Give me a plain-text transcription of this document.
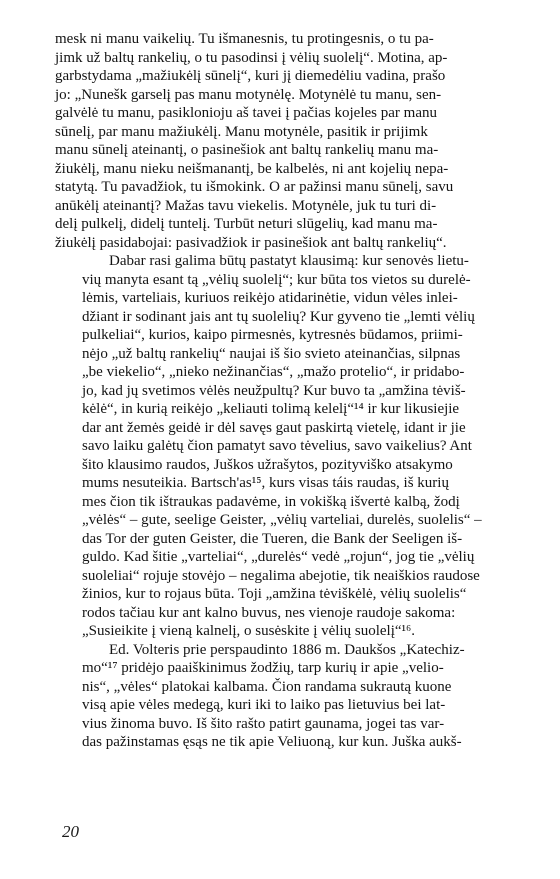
mesk ni manu vaikelių. Tu išmanesnis, tu protingesnis, o tu pa-
jimk už baltų rankelių, o tu pasodinsi į vėlių suolelį“. Motina, ap-
garbstydama „mažiukėlį sūnelį“, kuri jį diemedėliu vadina, prašo
jo: „Nunešk garselį pas manu motynėlę. Motynėlė tu manu, sen-
galvėlė tu manu, pasiklonioju aš tavei į pačias kojeles par manu
sūnelį, par manu mažiukėlį. Manu motynėle, pasitik ir prijimk
manu sūnelį ateinantį, o pasinešiok ant baltų rankelių manu ma-
žiukėlį, manu nieku neišmanantį, be kalbelės, ni ant kojelių nepa-
statytą. Tu pavadžiok, tu išmokink. O ar pažinsi manu sūnelį, savu
anūkėlį ateinantį? Mažas tavu viekelis. Motynėle, juk tu turi di-
delį pulkelį, didelį tuntelį. Turbūt neturi slūgelių, kad manu ma-
žiukėlį pasidabojai: pasivadžiok ir pasinešiok ant baltų rankelių“.
Dabar rasi galima būtų pastatyt klausimą: kur senovės lietu-
vių manyta esant tą „vėlių suolelį“; kur būta tos vietos su durelė-
lėmis, varteliais, kuriuos reikėjo atidarinėtie, vidun vėles inlei-
džiant ir sodinant jais ant tų suolelių? Kur gyveno tie „lemti vėlių
pulkeliai“, kurios, kaipo pirmesnės, kytresnės būdamos, priimi-
nėjo „už baltų rankelių“ naujai iš šio svieto ateinančias, silpnas
„be viekelio“, „nieko nežinančias“, „mažo protelio“, ir pridabo-
jo, kad jų svetimos vėlės neužpultų? Kur buvo ta „amžina tėviš-
kėlė“, in kurią reikėjo „keliauti tolimą kelelį“¹⁴ ir kur likusiejie
dar ant žemės geidė ir dėl savęs gaut paskirtą vietelę, idant ir jie
savo laiku galėtų čion pamatyt savo tėvelius, savo vaikelius? Ant
šito klausimo raudos, Juškos užrašytos, pozityviško atsakymo
mums nesuteikia. Bartsch'as¹⁵, kurs visas táis raudas, iš kurių
mes čion tik ištraukas padavėme, in vokišką išvertė kalbą, žodį
„vėlės“ – gute, seelige Geister, „vėlių varteliai, durelės, suolelis“ –
das Tor der guten Geister, die Tueren, die Bank der Seeligen iš-
guldo. Kad šitie „varteliai“, „durelės“ vedė „rojun“, jog tie „vėlių
suoleliai“ rojuje stovėjo – negalima abejotie, tik neaiškios raudose
žinios, kur to rojaus būta. Toji „amžina tėviškėlė, vėlių suolelis“
rodos tačiau kur ant kalno buvus, nes vienoje raudoje sakoma:
„Susieikite į vieną kalnelį, o susėskite į vėlių suolelį“¹⁶.
Ed. Volteris prie perspaudinto 1886 m. Daukšos „Katechiz-
mo“¹⁷ pridėjo paaiškinimus žodžių, tarp kurių ir apie „velio-
nis“, „vėles“ platokai kalbama. Čion randama sukrautą kuone
visą apie vėles medegą, kuri iki to laiko pas lietuvius bei lat-
vius žinoma buvo. Iš šito rašto patirt gaunama, jogei tas var-
das pažinstamas ęsąs ne tik apie Veliuoną, kur kun. Juška aukš-
20
